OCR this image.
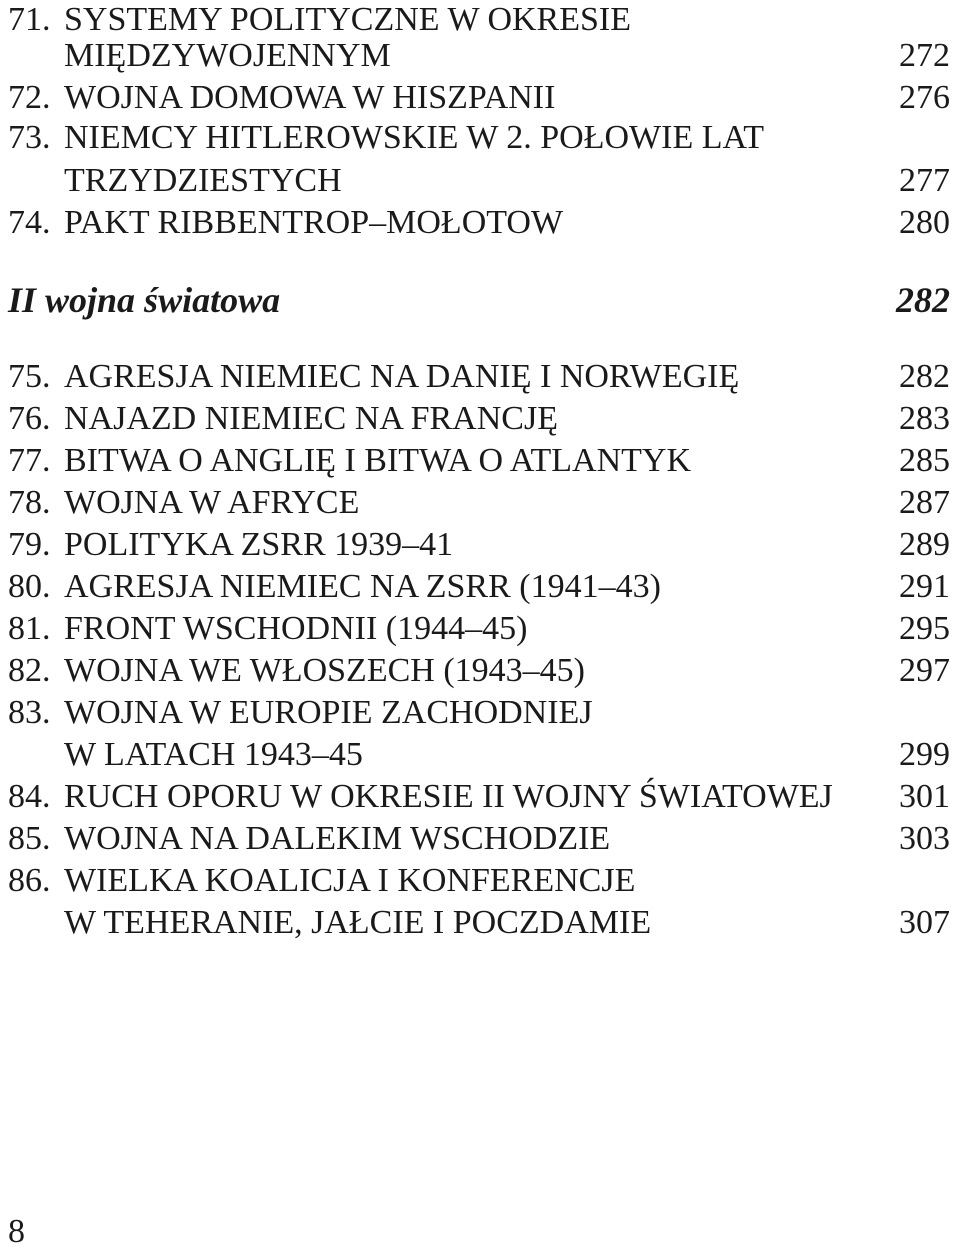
71. SYSTEMY POLITYCZNE W OKRESIE
MIĘDZYWOJENNYM	272
72. WOJNA DOMOWA W HISZPANII	276
73. NIEMCY HITLEROWSKIE W 2. POŁOWIE LAT
TRZYDZIESTYCH	277
74. PAKT RIBBENTROP–MOŁOTOW	280
II wojna światowa	282
75. AGRESJA NIEMIEC NA DANIĘ I NORWEGIĘ	282
76. NAJAZD NIEMIEC NA FRANCJĘ	283
77. BITWA O ANGLIĘ I BITWA O ATLANTYK	285
78. WOJNA W AFRYCE	287
79. POLITYKA ZSRR 1939–41	289
80. AGRESJA NIEMIEC NA ZSRR (1941–43)	291
81. FRONT WSCHODNII (1944–45)	295
82. WOJNA WE WŁOSZECH (1943–45)	297
83. WOJNA W EUROPIE ZACHODNIEJ
W LATACH 1943–45	299
84. RUCH OPORU W OKRESIE II WOJNY ŚWIATOWEJ 301
85. WOJNA NA DALEKIM WSCHODZIE	303
86. WIELKA KOALICJA I KONFERENCJE
W TEHERANIE, JAŁCIE I POCZDAMIE	307
8
